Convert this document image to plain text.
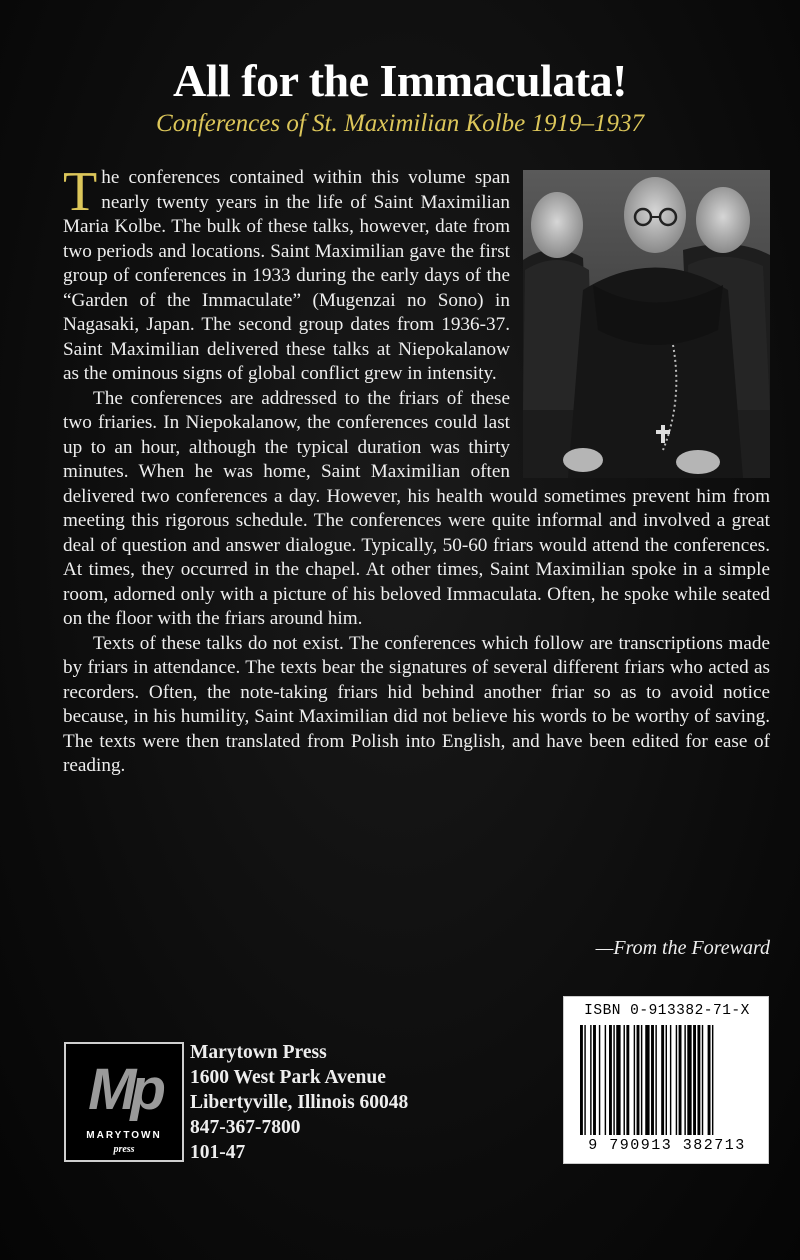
All for the Immaculata!
Conferences of St. Maximilian Kolbe 1919–1937

The conferences contained within this volume span nearly twenty years in the life of Saint Maximilian Maria Kolbe. The bulk of these talks, however, date from two periods and locations. Saint Maximilian gave the first group of conferences in 1933 during the early days of the “Garden of the Immaculate” (Mugenzai no Sono) in Nagasaki, Japan. The second group dates from 1936-37. Saint Maximilian delivered these talks at Niepokalanow as the ominous signs of global conflict grew in intensity.

The conferences are addressed to the friars of these two friaries. In Niepokalanow, the conferences could last up to an hour, although the typical duration was thirty minutes. When he was home, Saint Maximilian often delivered two conferences a day. However, his health would sometimes prevent him from meeting this rigorous schedule. The conferences were quite informal and involved a great deal of question and answer dialogue. Typically, 50-60 friars would attend the conferences. At times, they occurred in the chapel. At other times, Saint Maximilian spoke in a simple room, adorned only with a picture of his beloved Immaculata. Often, he spoke while seated on the floor with the friars around him.

Texts of these talks do not exist. The conferences which follow are transcriptions made by friars in attendance. The texts bear the signatures of several different friars who acted as recorders. Often, the note-taking friars hid behind another friar so as to avoid notice because, in his humility, Saint Maximilian did not believe his words to be worthy of saving. The texts were then translated from Polish into English, and have been edited for ease of reading.

—From the Foreward
Mp
MARYTOWN
press
Marytown Press
1600 West Park Avenue
Libertyville, Illinois 60048
847-367-7800
101-47
ISBN 0-913382-71-X
9 790913 382713
